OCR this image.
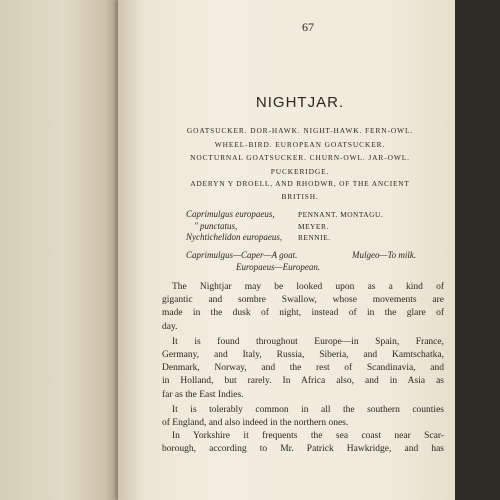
67
NIGHTJAR.
GOATSUCKER. DOR-HAWK. NIGHT-HAWK. FERN-OWL.
WHEEL-BIRD. EUROPEAN GOATSUCKER.
NOCTURNAL GOATSUCKER. CHURN-OWL. JAR-OWL.
PUCKERIDGE.
ADERYN Y DROELL, AND RHODWR, OF THE ANCIENT
BRITISH.
Caprimulgus europaeus,	PENNANT. MONTAGU.
" punctatus,	MEYER.
Nychtichelidon europaeus, RENNIE.
Caprimulgus—Caper—A goat.	Mulgeo—To milk.
Europaeus—European.
The Nightjar may be looked upon as a kind of
gigantic and sombre Swallow, whose movements are
made in the dusk of night, instead of in the glare of
day.
It is found throughout Europe—in Spain, France,
Germany, and Italy, Russia, Siberia, and Kamtschatka,
Denmark, Norway, and the rest of Scandinavia, and
in Holland, but rarely. In Africa also, and in Asia as
far as the East Indies.
It is tolerably common in all the southern counties
of England, and also indeed in the northern ones.
In Yorkshire it frequents the sea coast near Scar-
borough, according to Mr. Patrick Hawkridge, and has
